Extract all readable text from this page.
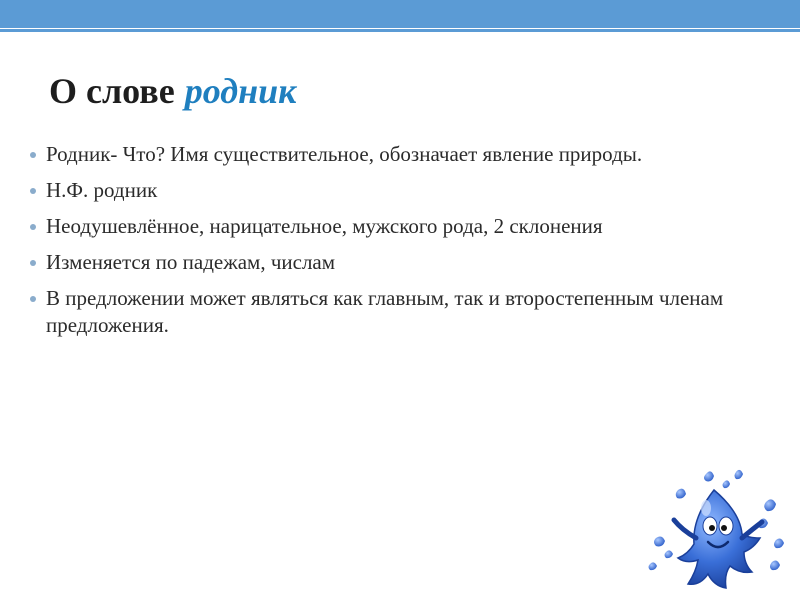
О слове родник
Родник- Что? Имя существительное, обозначает явление природы.
Н.Ф. родник
Неодушевлённое, нарицательное, мужского рода, 2 склонения
Изменяется по падежам, числам
В предложении может являться как главным, так и второстепенным членам предложения.
